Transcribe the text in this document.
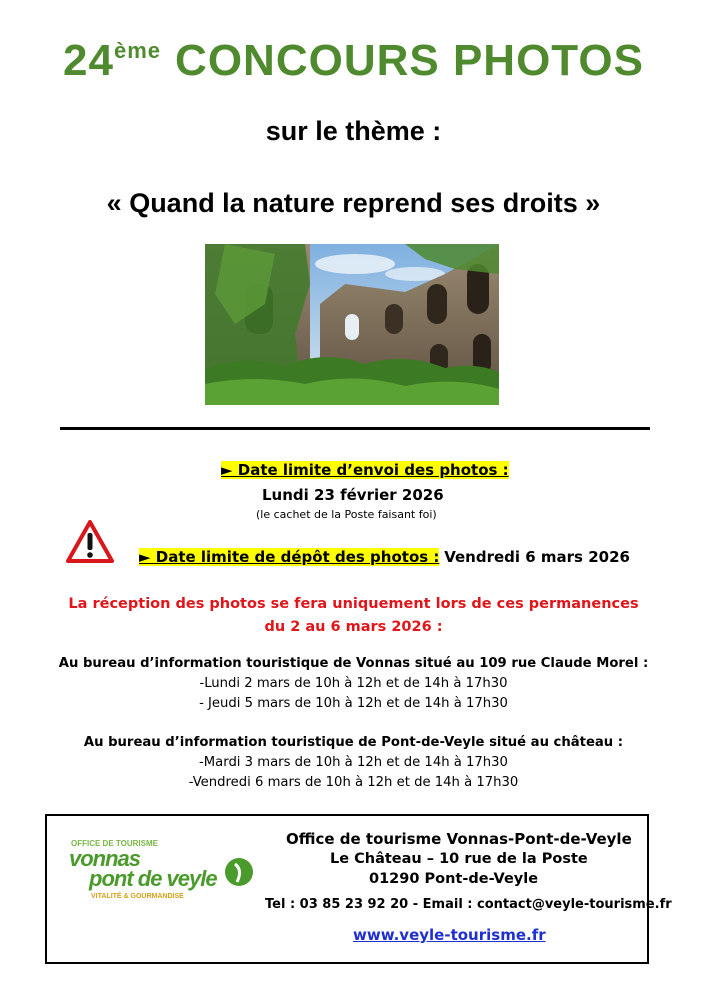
24ème CONCOURS PHOTOS
sur le thème :
« Quand la nature reprend ses droits »
► Date limite d’envoi des photos :
Lundi 23 février 2026
(le cachet de la Poste faisant foi)
► Date limite de dépôt des photos : Vendredi 6 mars 2026
La réception des photos se fera uniquement lors de ces permanences
du 2 au 6 mars 2026 :
Au bureau d’information touristique de Vonnas situé au 109 rue Claude Morel :
-Lundi 2 mars de 10h à 12h et de 14h à 17h30
- Jeudi 5 mars de 10h à 12h et de 14h à 17h30
Au bureau d’information touristique de Pont-de-Veyle situé au château :
-Mardi 3 mars de 10h à 12h et de 14h à 17h30
-Vendredi 6 mars de 10h à 12h et de 14h à 17h30
OFFICE DE TOURISME
vonnas
pont de veyle
VITALITÉ & GOURMANDISE
Office de tourisme Vonnas-Pont-de-Veyle
Le Château – 10 rue de la Poste
01290 Pont-de-Veyle
Tel : 03 85 23 92 20 - Email : contact@veyle-tourisme.fr
www.veyle-tourisme.fr
